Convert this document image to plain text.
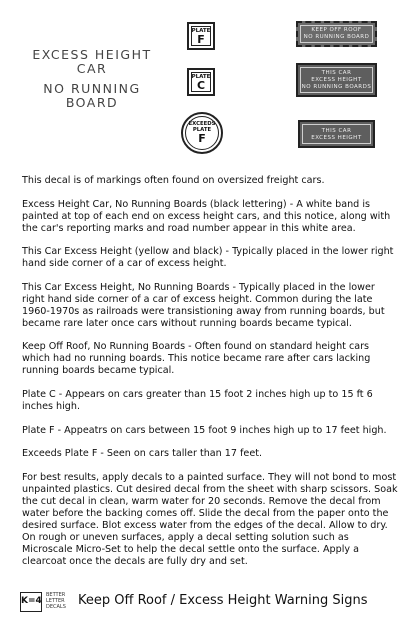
EXCESS HEIGHT
CAR
NO RUNNING
BOARD
PLATE
F
PLATE
C
EXCEEDS
PLATE
F
KEEP OFF ROOF
NO RUNNING BOARD
THIS CAR
EXCESS HEIGHT
NO RUNNING BOARDS
THIS CAR
EXCESS HEIGHT

This decal is of markings often found on oversized freight cars.

Excess Height Car, No Running Boards (black lettering) - A white band is painted at top of each end on excess height cars, and this notice, along with the car's reporting marks and road number appear in this white area.

This Car Excess Height (yellow and black) - Typically placed in the lower right hand side corner of a car of excess height.

This Car Excess Height, No Running Boards - Typically placed in the lower right hand side corner of a car of excess height. Common during the late 1960-1970s as railroads were transistioning away from running boards, but became rare later once cars without running boards became typical.

Keep Off Roof, No Running Boards - Often found on standard height cars which had no running boards. This notice became rare after cars lacking running boards became typical.

Plate C - Appears on cars greater than 15 foot 2 inches high up to 15 ft 6 inches high.

Plate F - Appeatrs on cars between 15 foot 9 inches high up to 17 feet high.

Exceeds Plate F - Seen on cars taller than 17 feet.

For best results, apply decals to a painted surface. They will not bond to most unpainted plastics. Cut desired decal from the sheet with sharp scissors. Soak the cut decal in clean, warm water for 20 seconds. Remove the decal from water before the backing comes off. Slide the decal from the paper onto the desired surface. Blot excess water from the edges of the decal. Allow to dry. On rough or uneven surfaces, apply a decal setting solution such as Microscale Micro-Set to help the decal settle onto the surface. Apply a clearcoat once the decals are fully dry and set.

K=4
BETTER
LETTER
DECALS Keep Off Roof / Excess Height Warning Signs
